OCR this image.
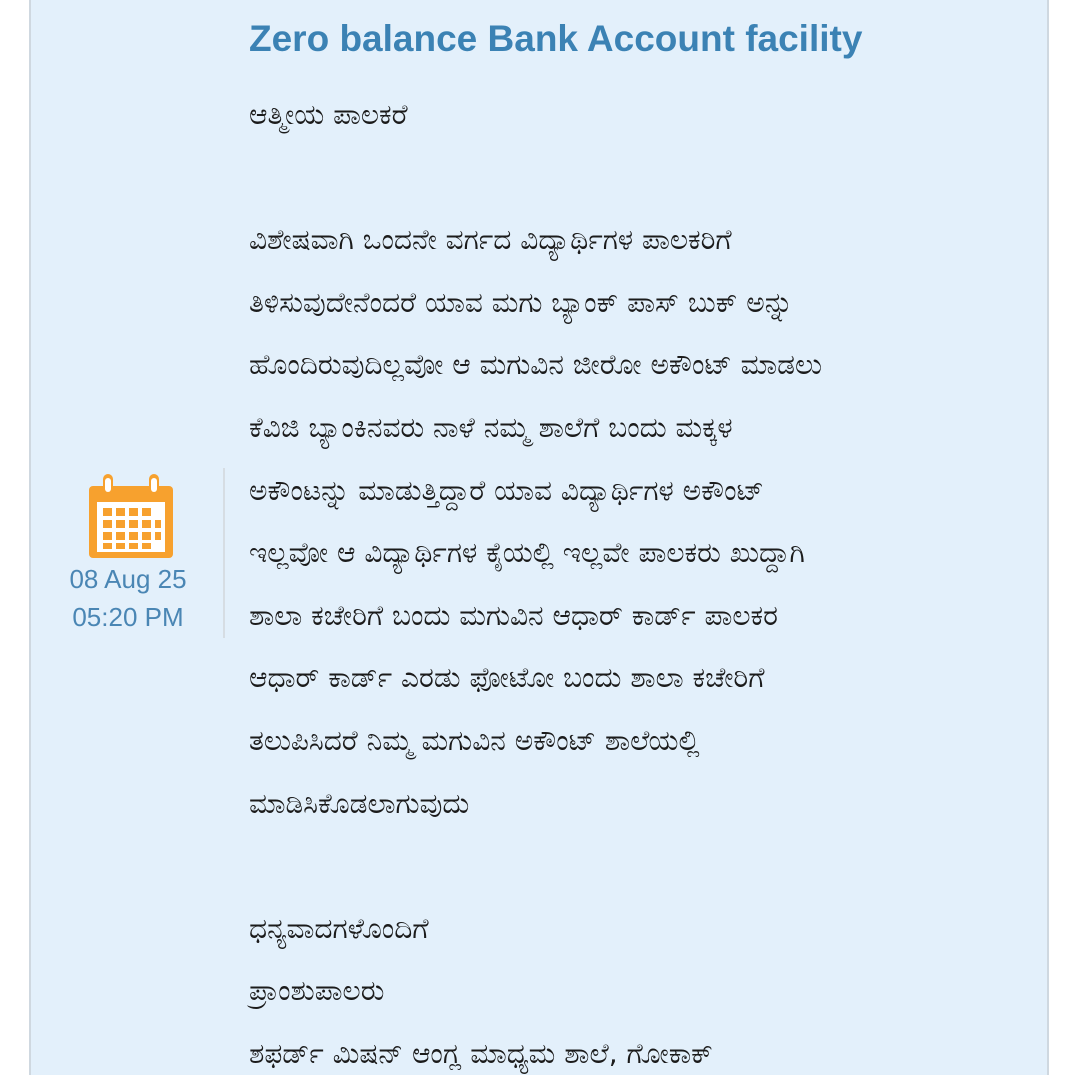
08 Aug 25
05:20 PM
Zero balance Bank Account facility
ಆತ್ಮೀಯ ಪಾಲಕರೆ
ವಿಶೇಷವಾಗಿ ಒಂದನೇ ವರ್ಗದ ವಿದ್ಯಾರ್ಥಿಗಳ ಪಾಲಕರಿಗೆ
ತಿಳಿಸುವುದೇನೆಂದರೆ ಯಾವ ಮಗು ಬ್ಯಾಂಕ್ ಪಾಸ್ ಬುಕ್ ಅನ್ನು
ಹೊಂದಿರುವುದಿಲ್ಲವೋ ಆ ಮಗುವಿನ ಜೀರೋ ಅಕೌಂಟ್ ಮಾಡಲು
ಕೆವಿಜಿ ಬ್ಯಾಂಕಿನವರು ನಾಳೆ ನಮ್ಮ ಶಾಲೆಗೆ ಬಂದು ಮಕ್ಕಳ
ಅಕೌಂಟನ್ನು ಮಾಡುತ್ತಿದ್ದಾರೆ ಯಾವ ವಿದ್ಯಾರ್ಥಿಗಳ ಅಕೌಂಟ್
ಇಲ್ಲವೋ ಆ ವಿದ್ಯಾರ್ಥಿಗಳ ಕೈಯಲ್ಲಿ ಇಲ್ಲವೇ ಪಾಲಕರು ಖುದ್ದಾಗಿ
ಶಾಲಾ ಕಚೇರಿಗೆ ಬಂದು ಮಗುವಿನ ಆಧಾರ್ ಕಾರ್ಡ್ ಪಾಲಕರ
ಆಧಾರ್ ಕಾರ್ಡ್ ಎರಡು ಫೋಟೋ ಬಂದು ಶಾಲಾ ಕಚೇರಿಗೆ
ತಲುಪಿಸಿದರೆ ನಿಮ್ಮ ಮಗುವಿನ ಅಕೌಂಟ್ ಶಾಲೆಯಲ್ಲಿ
ಮಾಡಿಸಿಕೊಡಲಾಗುವುದು
ಧನ್ಯವಾದಗಳೊಂದಿಗೆ
ಪ್ರಾಂಶುಪಾಲರು
ಶಫರ್ಡ್ ಮಿಷನ್ ಆಂಗ್ಲ ಮಾಧ್ಯಮ ಶಾಲೆ, ಗೋಕಾಕ್
